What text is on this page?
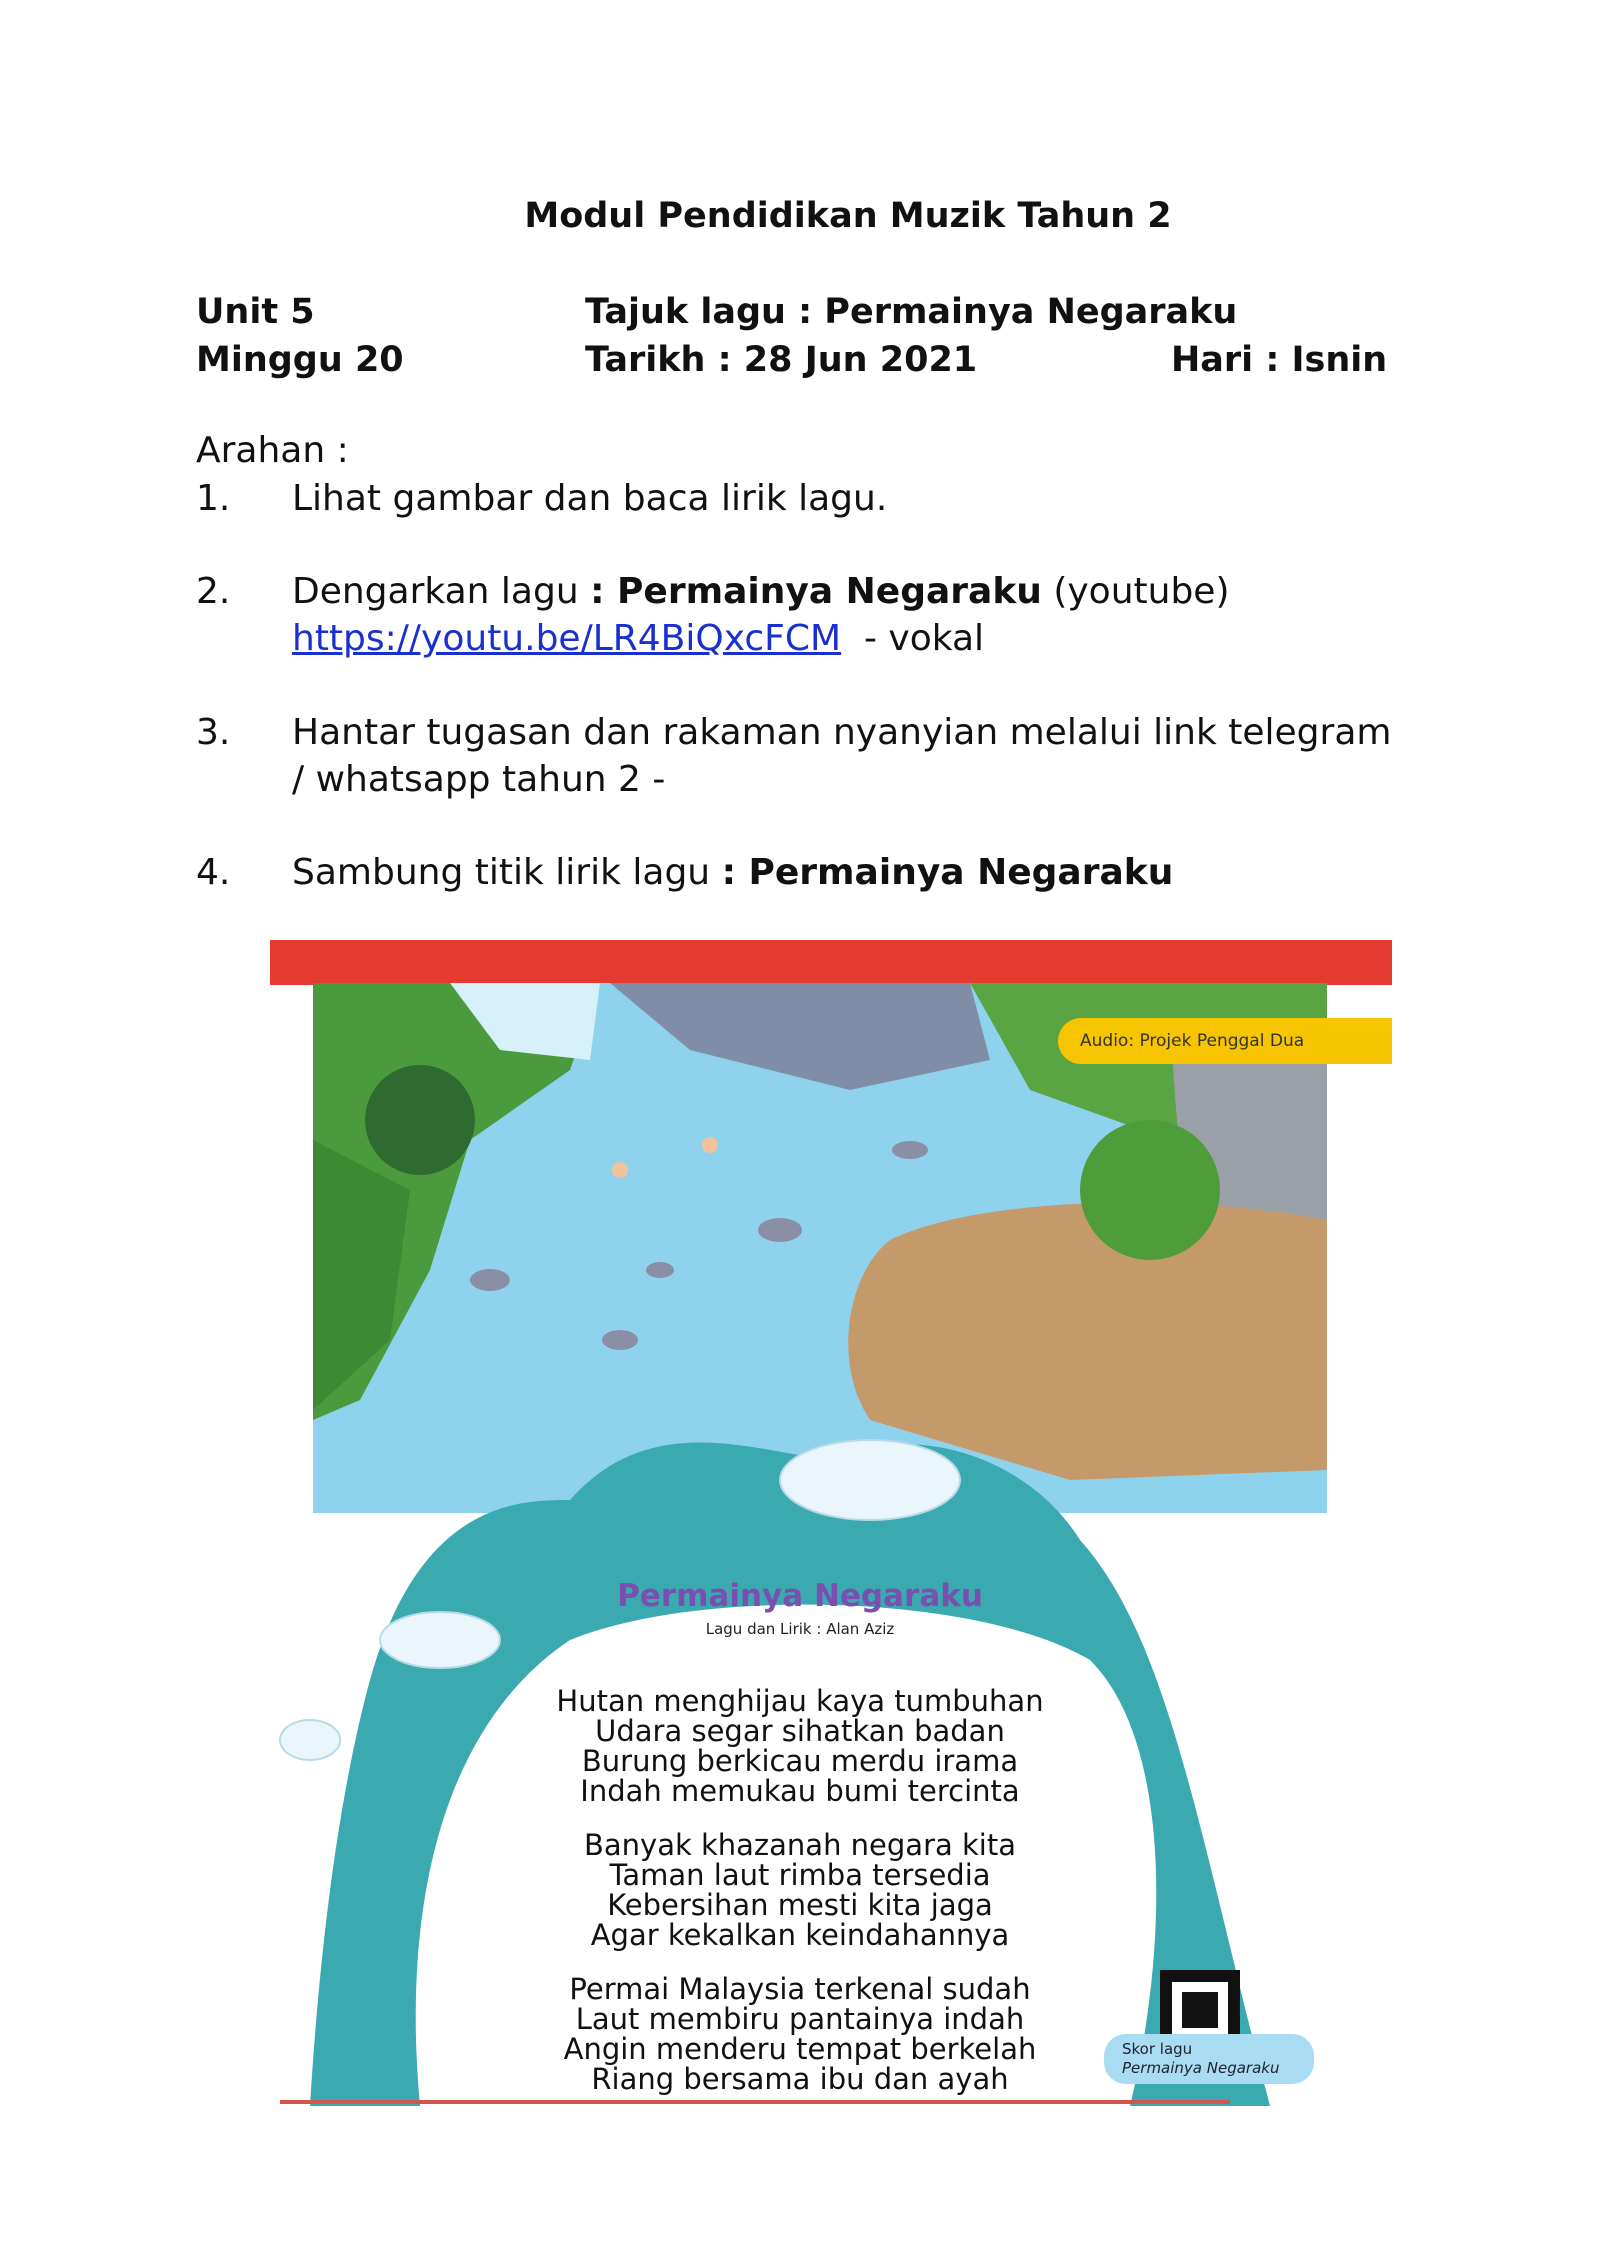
Modul Pendidikan Muzik Tahun 2
Unit 5
Minggu 20
Tajuk lagu : Permainya Negaraku
Tarikh : 28 Jun 2021	Hari : Isnin
Arahan :
1. Lihat gambar dan baca lirik lagu.
2. Dengarkan lagu : Permainya Negaraku (youtube)
https://youtu.be/LR4BiQxcFCM  - vokal
3. Hantar tugasan dan rakaman nyanyian melalui link telegram
/ whatsapp tahun 2 -
4. Sambung titik lirik lagu : Permainya Negaraku
Audio: Projek Penggal Dua
Permainya Negaraku
Lagu dan Lirik : Alan Aziz
Hutan menghijau kaya tumbuhan
Udara segar sihatkan badan
Burung berkicau merdu irama
Indah memukau bumi tercinta
Banyak khazanah negara kita
Taman laut rimba tersedia
Kebersihan mesti kita jaga
Agar kekalkan keindahannya
Permai Malaysia terkenal sudah
Laut membiru pantainya indah
Angin menderu tempat berkelah
Riang bersama ibu dan ayah
Skor lagu
Permainya Negaraku
